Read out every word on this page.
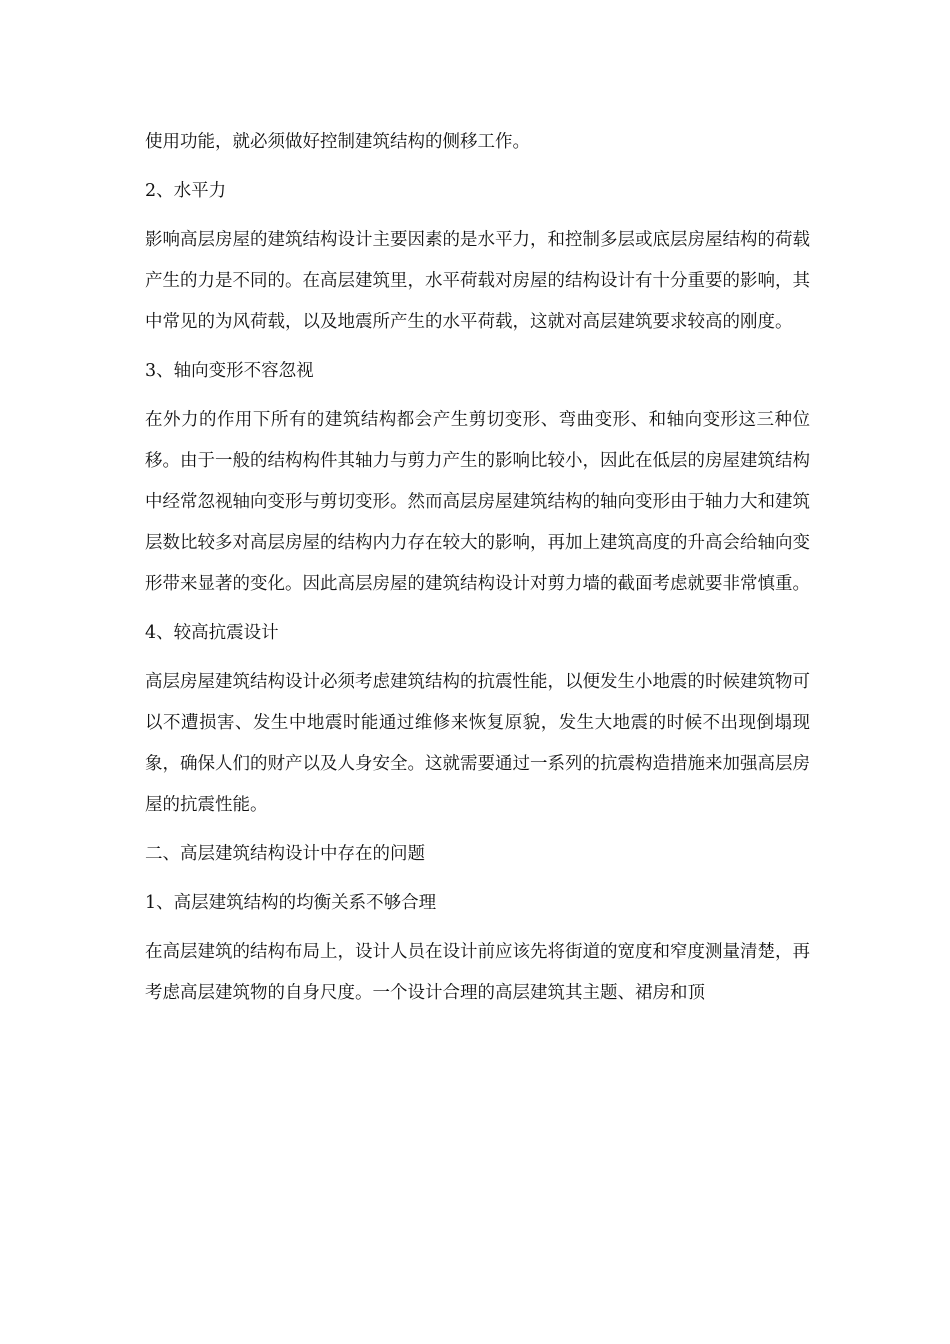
使用功能，就必须做好控制建筑结构的侧移工作。

2、水平力

影响高层房屋的建筑结构设计主要因素的是水平力，和控制多层或底层房屋结构的荷载产生的力是不同的。在高层建筑里，水平荷载对房屋的结构设计有十分重要的影响，其中常见的为风荷载，以及地震所产生的水平荷载，这就对高层建筑要求较高的刚度。

3、轴向变形不容忽视

在外力的作用下所有的建筑结构都会产生剪切变形、弯曲变形、和轴向变形这三种位移。由于一般的结构构件其轴力与剪力产生的影响比较小，因此在低层的房屋建筑结构中经常忽视轴向变形与剪切变形。然而高层房屋建筑结构的轴向变形由于轴力大和建筑层数比较多对高层房屋的结构内力存在较大的影响，再加上建筑高度的升高会给轴向变形带来显著的变化。因此高层房屋的建筑结构设计对剪力墙的截面考虑就要非常慎重。

4、较高抗震设计

高层房屋建筑结构设计必须考虑建筑结构的抗震性能，以便发生小地震的时候建筑物可以不遭损害、发生中地震时能通过维修来恢复原貌，发生大地震的时候不出现倒塌现象，确保人们的财产以及人身安全。这就需要通过一系列的抗震构造措施来加强高层房屋的抗震性能。

二、高层建筑结构设计中存在的问题

1、高层建筑结构的均衡关系不够合理

在高层建筑的结构布局上，设计人员在设计前应该先将街道的宽度和窄度测量清楚，再考虑高层建筑物的自身尺度。一个设计合理的高层建筑其主题、裙房和顶
